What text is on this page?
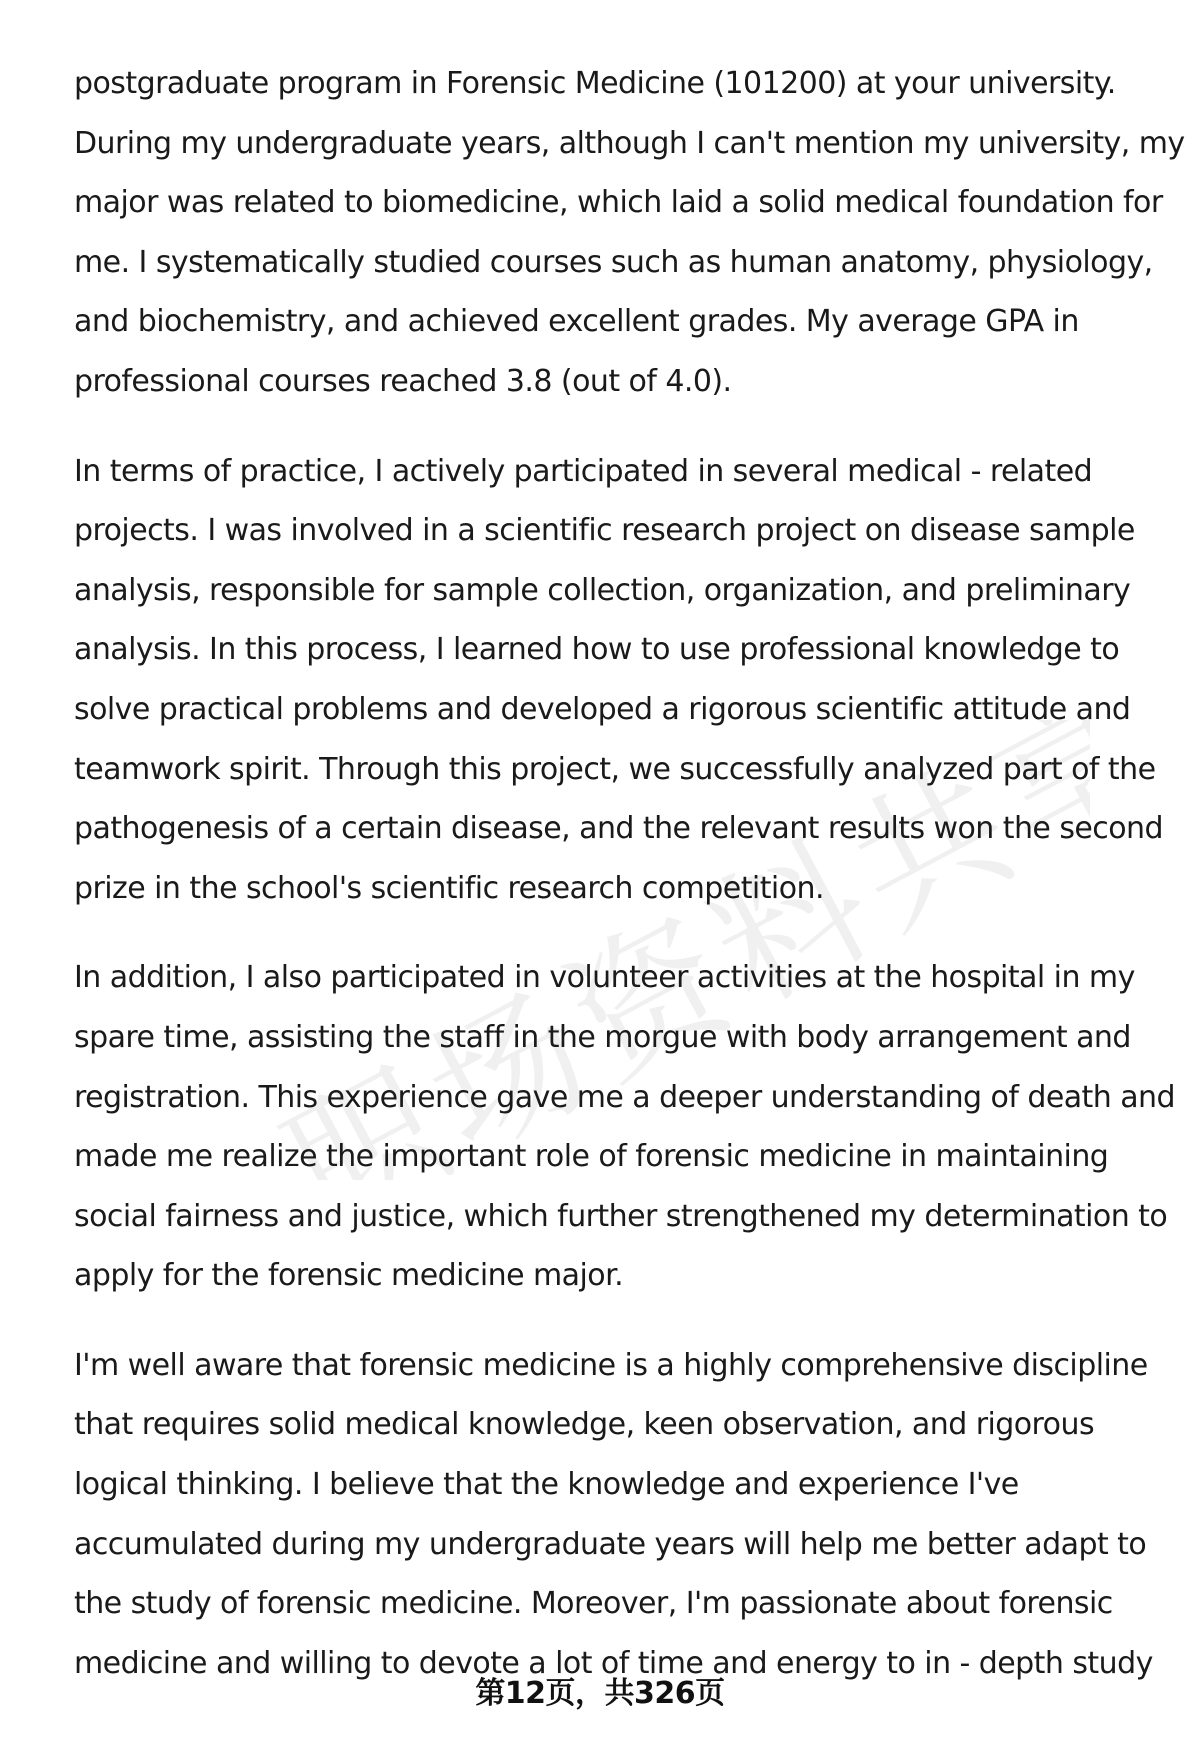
职场资料共享

postgraduate program in Forensic Medicine (101200) at your university.
During my undergraduate years, although I can't mention my university, my
major was related to biomedicine, which laid a solid medical foundation for
me. I systematically studied courses such as human anatomy, physiology,
and biochemistry, and achieved excellent grades. My average GPA in
professional courses reached 3.8 (out of 4.0).

In terms of practice, I actively participated in several medical - related
projects. I was involved in a scientific research project on disease sample
analysis, responsible for sample collection, organization, and preliminary
analysis. In this process, I learned how to use professional knowledge to
solve practical problems and developed a rigorous scientific attitude and
teamwork spirit. Through this project, we successfully analyzed part of the
pathogenesis of a certain disease, and the relevant results won the second
prize in the school's scientific research competition.

In addition, I also participated in volunteer activities at the hospital in my
spare time, assisting the staff in the morgue with body arrangement and
registration. This experience gave me a deeper understanding of death and
made me realize the important role of forensic medicine in maintaining
social fairness and justice, which further strengthened my determination to
apply for the forensic medicine major.

I'm well aware that forensic medicine is a highly comprehensive discipline
that requires solid medical knowledge, keen observation, and rigorous
logical thinking. I believe that the knowledge and experience I've
accumulated during my undergraduate years will help me better adapt to
the study of forensic medicine. Moreover, I'm passionate about forensic
medicine and willing to devote a lot of time and energy to in - depth study

第12页，共326页
